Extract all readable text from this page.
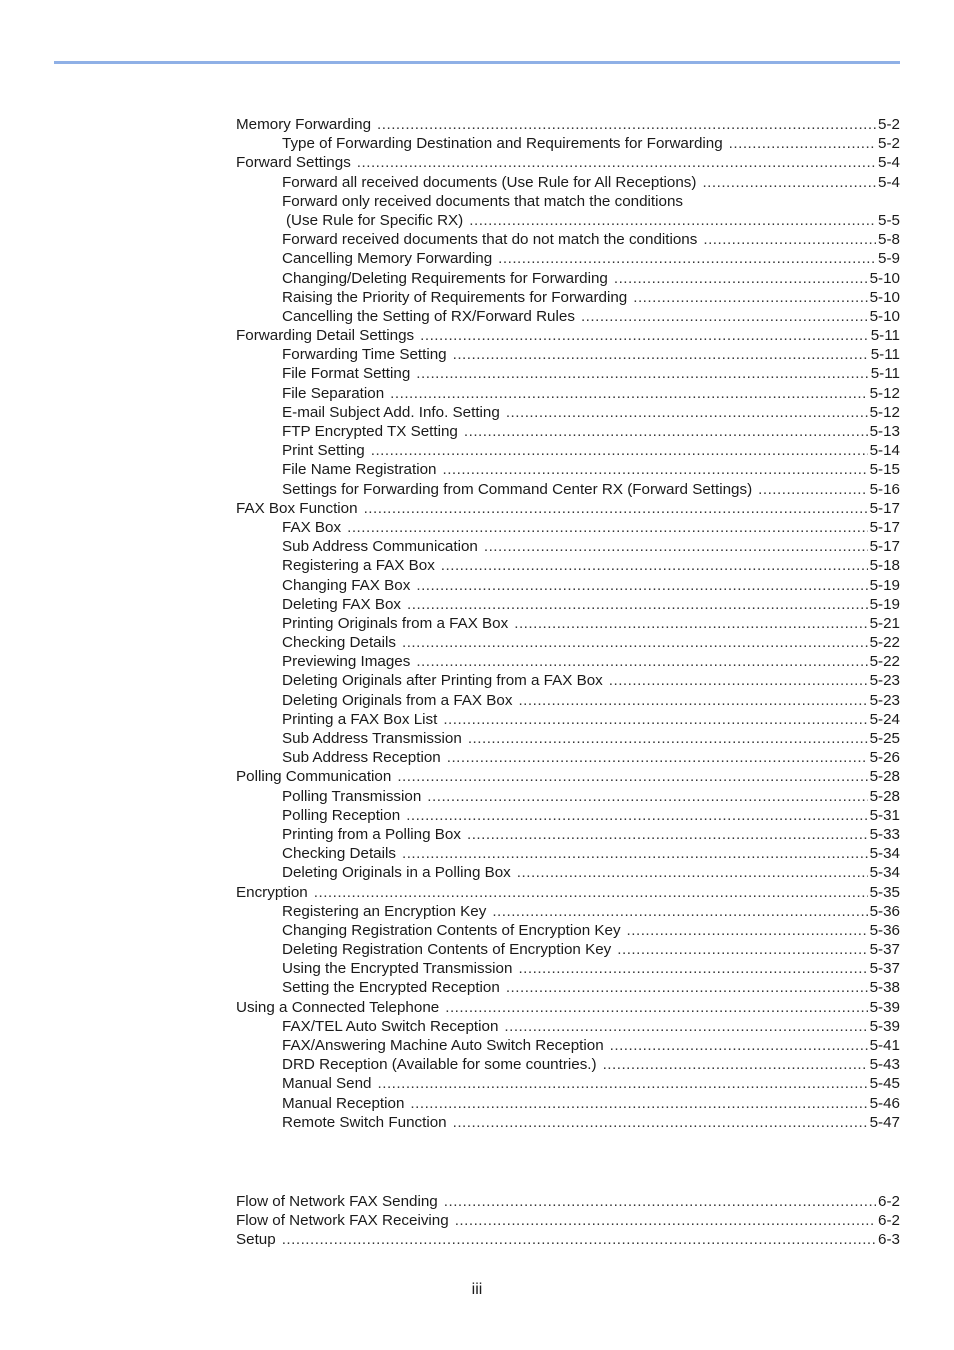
Memory Forwarding .....	5-2
Type of Forwarding Destination and Requirements for Forwarding .....	5-2
Forward Settings .....	5-4
Forward all received documents (Use Rule for All Receptions) .....	5-4
Forward only received documents that match the conditions
(Use Rule for Specific RX) .....	5-5
Forward received documents that do not match the conditions .....	5-8
Cancelling Memory Forwarding .....	5-9
Changing/Deleting Requirements for Forwarding .....	5-10
Raising the Priority of Requirements for Forwarding .....	5-10
Cancelling the Setting of RX/Forward Rules .....	5-10
Forwarding Detail Settings .....	5-11
Forwarding Time Setting .....	5-11
File Format Setting .....	5-11
File Separation .....	5-12
E-mail Subject Add. Info. Setting .....	5-12
FTP Encrypted TX Setting .....	5-13
Print Setting .....	5-14
File Name Registration .....	5-15
Settings for Forwarding from Command Center RX (Forward Settings) .....	5-16
FAX Box Function .....	5-17
FAX Box .....	5-17
Sub Address Communication .....	5-17
Registering a FAX Box .....	5-18
Changing FAX Box .....	5-19
Deleting FAX Box .....	5-19
Printing Originals from a FAX Box .....	5-21
Checking Details .....	5-22
Previewing Images .....	5-22
Deleting Originals after Printing from a FAX Box .....	5-23
Deleting Originals from a FAX Box .....	5-23
Printing a FAX Box List .....	5-24
Sub Address Transmission .....	5-25
Sub Address Reception .....	5-26
Polling Communication .....	5-28
Polling Transmission .....	5-28
Polling Reception .....	5-31
Printing from a Polling Box .....	5-33
Checking Details .....	5-34
Deleting Originals in a Polling Box .....	5-34
Encryption .....	5-35
Registering an Encryption Key .....	5-36
Changing Registration Contents of Encryption Key .....	5-36
Deleting Registration Contents of Encryption Key .....	5-37
Using the Encrypted Transmission .....	5-37
Setting the Encrypted Reception .....	5-38
Using a Connected Telephone .....	5-39
FAX/TEL Auto Switch Reception .....	5-39
FAX/Answering Machine Auto Switch Reception .....	5-41
DRD Reception (Available for some countries.) .....	5-43
Manual Send .....	5-45
Manual Reception .....	5-46
Remote Switch Function .....	5-47
Flow of Network FAX Sending .....	6-2
Flow of Network FAX Receiving .....	6-2
Setup .....	6-3
iii
